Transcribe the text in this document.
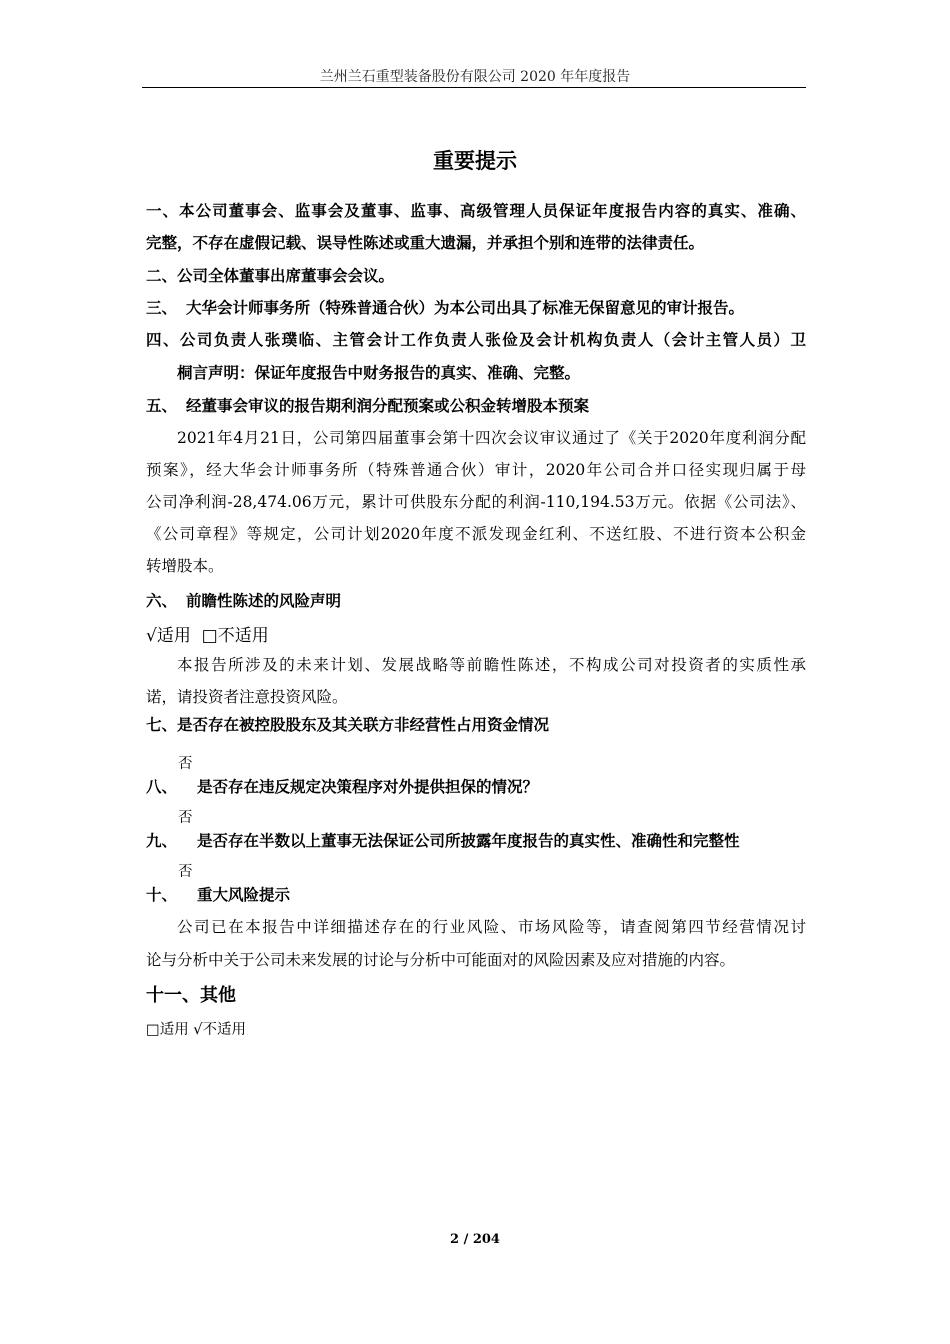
兰州兰石重型装备股份有限公司 2020 年年度报告
重要提示
一、本公司董事会、监事会及董事、监事、高级管理人员保证年度报告内容的真实、准确、
完整，不存在虚假记载、误导性陈述或重大遗漏，并承担个别和连带的法律责任。
二、公司全体董事出席董事会会议。
三、 大华会计师事务所（特殊普通合伙）为本公司出具了标准无保留意见的审计报告。
四、公司负责人张璞临、主管会计工作负责人张俭及会计机构负责人（会计主管人员）卫
桐言声明：保证年度报告中财务报告的真实、准确、完整。
五、 经董事会审议的报告期利润分配预案或公积金转增股本预案
2021年4月21日，公司第四届董事会第十四次会议审议通过了《关于2020年度利润分配
预案》，经大华会计师事务所（特殊普通合伙）审计，2020年公司合并口径实现归属于母
公司净利润-28,474.06万元，累计可供股东分配的利润-110,194.53万元。依据《公司法》、
《公司章程》等规定，公司计划2020年度不派发现金红利、不送红股、不进行资本公积金
转增股本。
六、 前瞻性陈述的风险声明
√适用  □不适用
本报告所涉及的未来计划、发展战略等前瞻性陈述，不构成公司对投资者的实质性承
诺，请投资者注意投资风险。
七、是否存在被控股股东及其关联方非经营性占用资金情况
否
八、 是否存在违反规定决策程序对外提供担保的情况？
否
九、 是否存在半数以上董事无法保证公司所披露年度报告的真实性、准确性和完整性
否
十、 重大风险提示
公司已在本报告中详细描述存在的行业风险、市场风险等，请查阅第四节经营情况讨
论与分析中关于公司未来发展的讨论与分析中可能面对的风险因素及应对措施的内容。
十一、其他
□适用 √不适用
2 / 204
